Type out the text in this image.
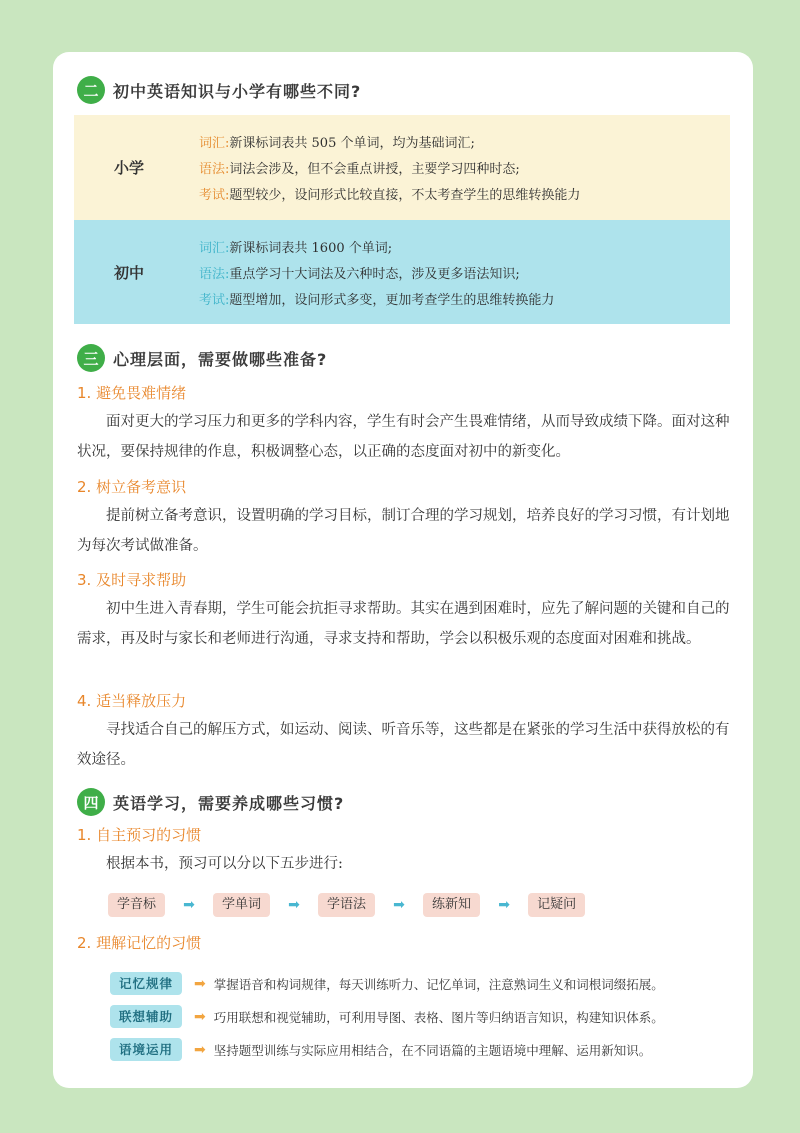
二 初中英语知识与小学有哪些不同?
小学
词汇:新课标词表共 505 个单词，均为基础词汇;
语法:词法会涉及，但不会重点讲授，主要学习四种时态;
考试:题型较少，设问形式比较直接，不太考查学生的思维转换能力
初中
词汇:新课标词表共 1600 个单词;
语法:重点学习十大词法及六种时态，涉及更多语法知识;
考试:题型增加，设问形式多变，更加考查学生的思维转换能力
三 心理层面，需要做哪些准备?
1. 避免畏难情绪
面对更大的学习压力和更多的学科内容，学生有时会产生畏难情绪，从而导致成绩下降。面对这种状况，要保持规律的作息，积极调整心态，以正确的态度面对初中的新变化。
2. 树立备考意识
提前树立备考意识，设置明确的学习目标，制订合理的学习规划，培养良好的学习习惯，有计划地为每次考试做准备。
3. 及时寻求帮助
初中生进入青春期，学生可能会抗拒寻求帮助。其实在遇到困难时，应先了解问题的关键和自己的需求，再及时与家长和老师进行沟通，寻求支持和帮助，学会以积极乐观的态度面对困难和挑战。
4. 适当释放压力
寻找适合自己的解压方式，如运动、阅读、听音乐等，这些都是在紧张的学习生活中获得放松的有效途径。
四 英语学习，需要养成哪些习惯?
1. 自主预习的习惯
根据本书，预习可以分以下五步进行:
学音标	➡	学单词	➡	学语法	➡	练新知	➡	记疑问
2. 理解记忆的习惯
记忆规律	➡ 掌握语音和构词规律，每天训练听力、记忆单词，注意熟词生义和词根词缀拓展。
联想辅助	➡ 巧用联想和视觉辅助，可利用导图、表格、图片等归纳语言知识，构建知识体系。
语境运用	➡ 坚持题型训练与实际应用相结合，在不同语篇的主题语境中理解、运用新知识。
